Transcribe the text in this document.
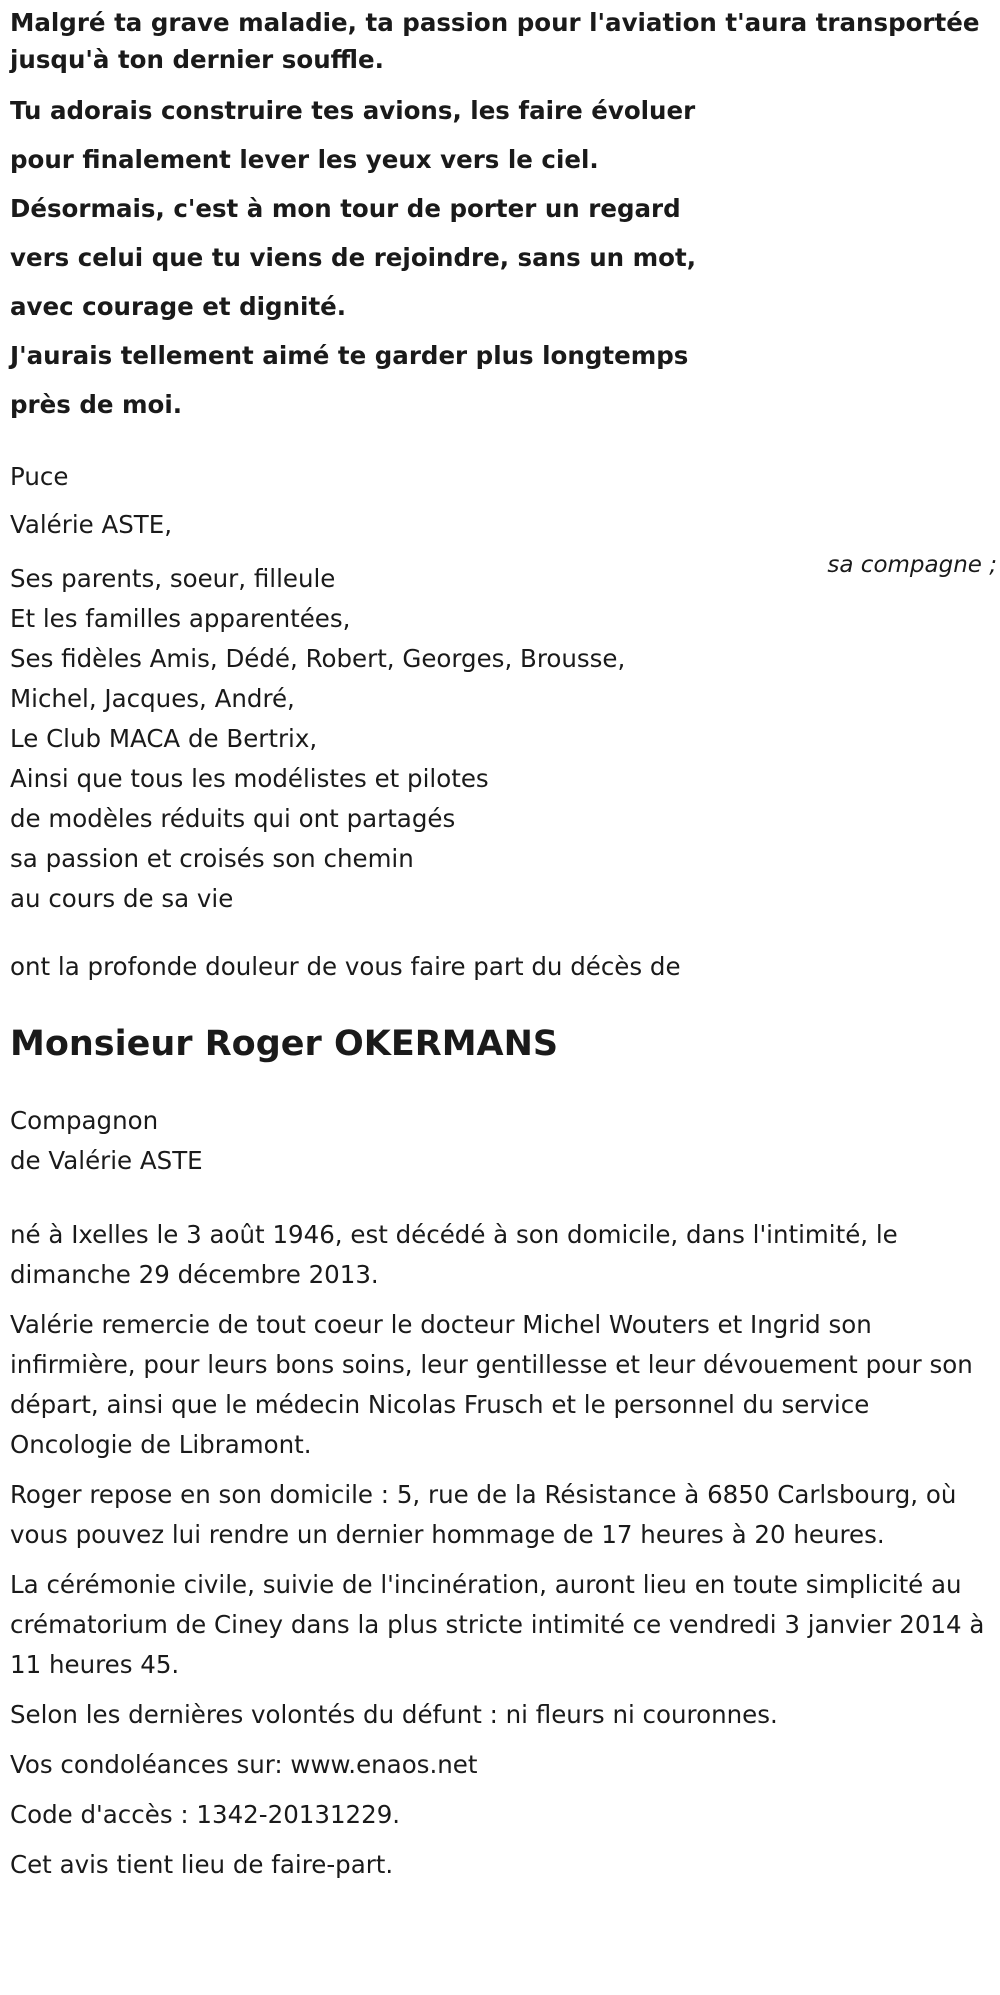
Malgré ta grave maladie, ta passion pour l'aviation t'aura transportée jusqu'à ton dernier souffle.

Tu adorais construire tes avions, les faire évoluer

pour finalement lever les yeux vers le ciel.

Désormais, c'est à mon tour de porter un regard

vers celui que tu viens de rejoindre, sans un mot,

avec courage et dignité.

J'aurais tellement aimé te garder plus longtemps

près de moi.

Puce
Valérie ASTE,
Ses parents, soeur, filleule
Et les familles apparentées,
Ses fidèles Amis, Dédé, Robert, Georges, Brousse,
Michel, Jacques, André,
Le Club MACA de Bertrix,
Ainsi que tous les modélistes et pilotes
de modèles réduits qui ont partagés
sa passion et croisés son chemin
au cours de sa vie
ont la profonde douleur de vous faire part du décès de
Monsieur Roger OKERMANS
Compagnon
de Valérie ASTE

né à Ixelles le 3 août 1946, est décédé à son domicile, dans l'intimité, le dimanche 29 décembre 2013.

Valérie remercie de tout coeur le docteur Michel Wouters et Ingrid son infirmière, pour leurs bons soins, leur gentillesse et leur dévouement pour son départ, ainsi que le médecin Nicolas Frusch et le personnel du service Oncologie de Libramont.

Roger repose en son domicile : 5, rue de la Résistance à 6850 Carlsbourg, où vous pouvez lui rendre un dernier hommage de 17 heures à 20 heures.

La cérémonie civile, suivie de l'incinération, auront lieu en toute simplicité au crématorium de Ciney dans la plus stricte intimité ce vendredi 3 janvier 2014 à 11 heures 45.

Selon les dernières volontés du défunt : ni fleurs ni couronnes.

Vos condoléances sur: www.enaos.net

Code d'accès : 1342-20131229.

Cet avis tient lieu de faire-part.

sa compagne ;
